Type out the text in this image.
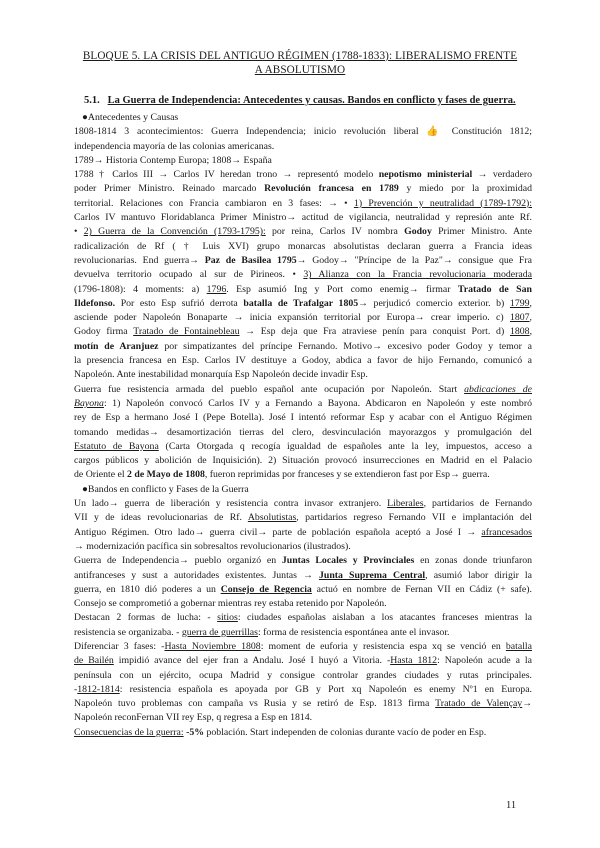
BLOQUE 5. LA CRISIS DEL ANTIGUO RÉGIMEN (1788-1833): LIBERALISMO FRENTE
A ABSOLUTISMO
5.1. La Guerra de Independencia: Antecedentes y causas. Bandos en conflicto y fases de guerra.
●Antecedentes y Causas
1808-1814 3 acontecimientos: Guerra Independencia; inicio revolución liberal 👍 Constitución 1812;
independencia mayoría de las colonias americanas.
1789→ Historia Contemp Europa; 1808→ España
1788 † Carlos III → Carlos IV heredan trono → representó modelo nepotismo ministerial → verdadero
poder Primer Ministro. Reinado marcado Revolución francesa en 1789 y miedo por la proximidad
territorial. Relaciones con Francia cambiaron en 3 fases: → • 1) Prevención y neutralidad (1789-1792):
Carlos IV mantuvo Floridablanca Primer Ministro→ actitud de vigilancia, neutralidad y represión ante Rf.
• 2) Guerra de la Convención (1793-1795): por reina, Carlos IV nombra Godoy Primer Ministro. Ante
radicalización de Rf ( † Luis XVI) grupo monarcas absolutistas declaran guerra a Francia ideas
revolucionarias. End guerra→ Paz de Basilea 1795→ Godoy→ "Príncipe de la Paz"→ consigue que Fra
devuelva territorio ocupado al sur de Pirineos. • 3) Alianza con la Francia revolucionaria moderada
(1796-1808): 4 moments: a) 1796. Esp asumió Ing y Port como enemig→ firmar Tratado de San
Ildefonso. Por esto Esp sufrió derrota batalla de Trafalgar 1805→ perjudicó comercio exterior. b) 1799,
asciende poder Napoleón Bonaparte → inicia expansión territorial por Europa→ crear imperio. c) 1807,
Godoy firma Tratado de Fontainebleau → Esp deja que Fra atraviese penín para conquist Port. d) 1808,
motín de Aranjuez por simpatizantes del príncipe Fernando. Motivo→ excesivo poder Godoy y temor a
la presencia francesa en Esp. Carlos IV destituye a Godoy, abdica a favor de hijo Fernando, comunicó a
Napoleón. Ante inestabilidad monarquía Esp Napoleón decide invadir Esp.
Guerra fue resistencia armada del pueblo español ante ocupación por Napoleón. Start abdicaciones de
Bayona: 1) Napoleón convocó Carlos IV y a Fernando a Bayona. Abdicaron en Napoleón y este nombró
rey de Esp a hermano José I (Pepe Botella). José I intentó reformar Esp y acabar con el Antiguo Régimen
tomando medidas→ desamortización tierras del clero, desvinculación mayorazgos y promulgación del
Estatuto de Bayona (Carta Otorgada q recogía igualdad de españoles ante la ley, impuestos, acceso a
cargos públicos y abolición de Inquisición). 2) Situación provocó insurrecciones en Madrid en el Palacio
de Oriente el 2 de Mayo de 1808, fueron reprimidas por franceses y se extendieron fast por Esp→ guerra.
●Bandos en conflicto y Fases de la Guerra
Un lado→ guerra de liberación y resistencia contra invasor extranjero. Liberales, partidarios de Fernando
VII y de ideas revolucionarias de Rf. Absolutistas, partidarios regreso Fernando VII e implantación del
Antiguo Régimen. Otro lado→ guerra civil→ parte de población española aceptó a José I → afrancesados
→ modernización pacífica sin sobresaltos revolucionarios (ilustrados).
Guerra de Independencia→ pueblo organizó en Juntas Locales y Provinciales en zonas donde triunfaron
antifranceses y sust a autoridades existentes. Juntas → Junta Suprema Central, asumió labor dirigir la
guerra, en 1810 dió poderes a un Consejo de Regencia actuó en nombre de Fernan VII en Cádiz (+ safe).
Consejo se comprometió a gobernar mientras rey estaba retenido por Napoleón.
Destacan 2 formas de lucha: - sitios: ciudades españolas aislaban a los atacantes franceses mientras la
resistencia se organizaba. - guerra de guerrillas: forma de resistencia espontánea ante el invasor.
Diferenciar 3 fases: -Hasta Noviembre 1808: moment de euforia y resistencia espa xq se venció en batalla
de Bailén impidió avance del ejer fran a Andalu. José I huyó a Vitoria. -Hasta 1812: Napoleón acude a la
península con un ejército, ocupa Madrid y consigue controlar grandes ciudades y rutas principales.
-1812-1814: resistencia española es apoyada por GB y Port xq Napoleón es enemy Nº1 en Europa.
Napoleón tuvo problemas con campaña vs Rusia y se retiró de Esp. 1813 firma Tratado de Valençay→
Napoleón reconFernan VII rey Esp, q regresa a Esp en 1814.
Consecuencias de la guerra: -5% población. Start independen de colonias durante vacío de poder en Esp.
11
